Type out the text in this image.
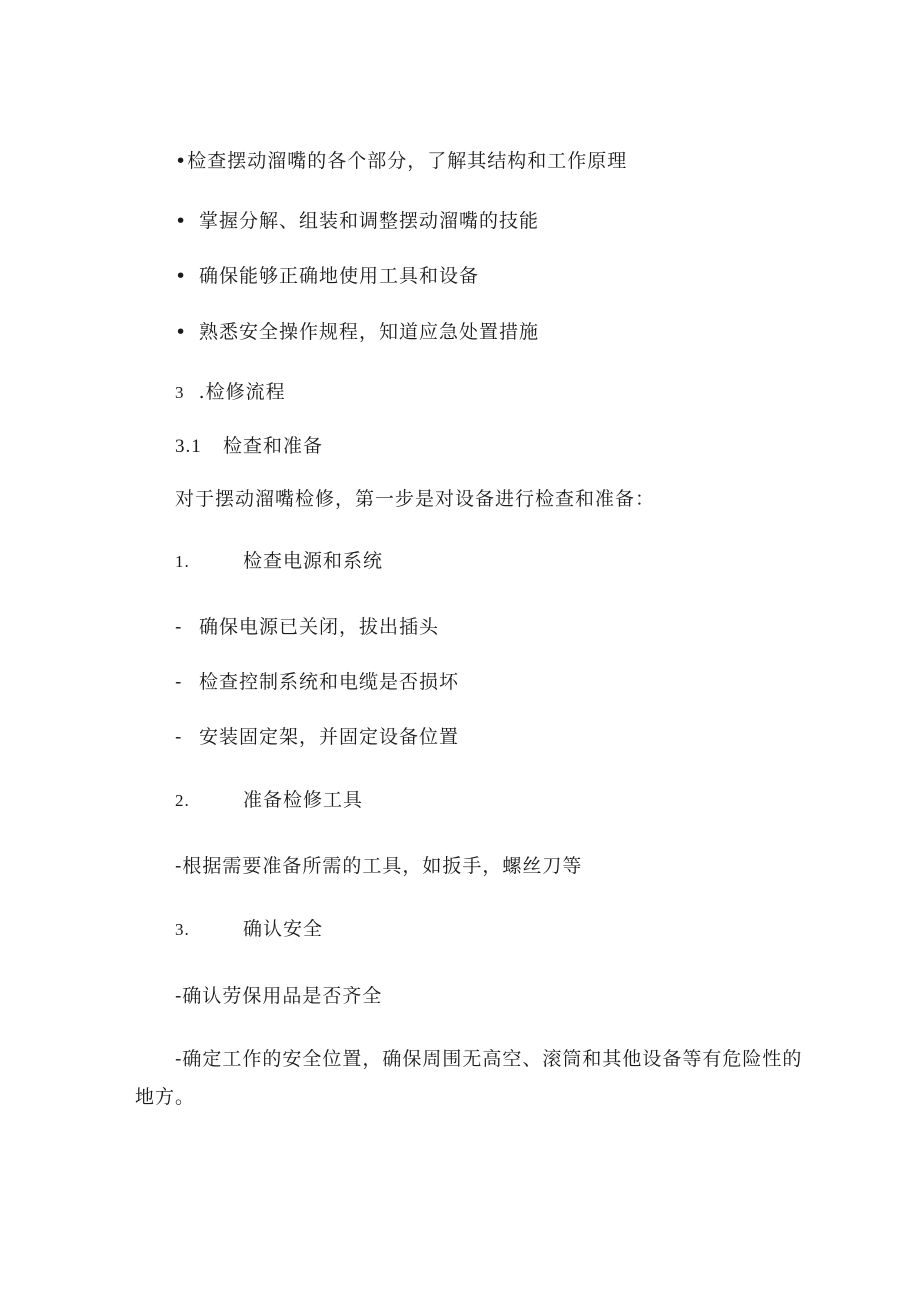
•检查摆动溜嘴的各个部分，了解其结构和工作原理
• 掌握分解、组装和调整摆动溜嘴的技能
• 确保能够正确地使用工具和设备
• 熟悉安全操作规程，知道应急处置措施
3 .检修流程
3.1 检查和准备
对于摆动溜嘴检修，第一步是对设备进行检查和准备：
1.	检查电源和系统
- 确保电源已关闭，拔出插头
- 检查控制系统和电缆是否损坏
- 安装固定架，并固定设备位置
2.	准备检修工具
-根据需要准备所需的工具，如扳手，螺丝刀等
3.	确认安全
-确认劳保用品是否齐全
-确定工作的安全位置，确保周围无高空、滚筒和其他设备等有危险性的地方。
